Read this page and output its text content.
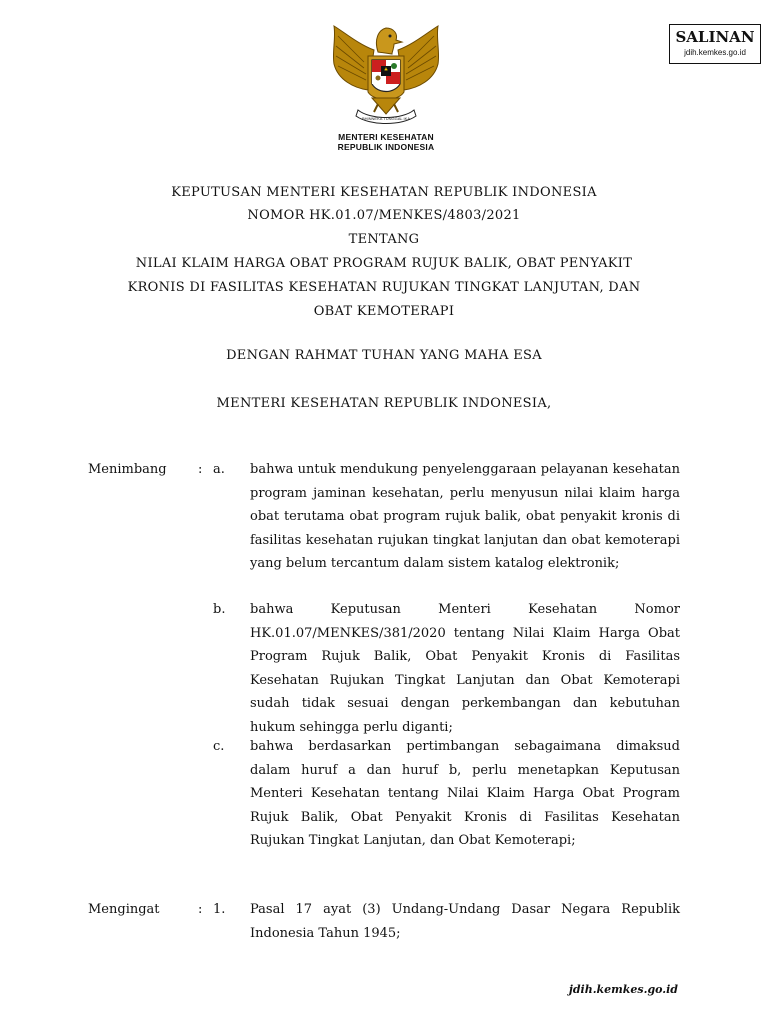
SALINAN
jdih.kemkes.go.id
BHINNEKA TUNGGAL IKA
MENTERI KESEHATAN
REPUBLIK INDONESIA
KEPUTUSAN MENTERI KESEHATAN REPUBLIK INDONESIA
NOMOR HK.01.07/MENKES/4803/2021
TENTANG
NILAI KLAIM HARGA OBAT PROGRAM RUJUK BALIK, OBAT PENYAKIT
KRONIS DI FASILITAS KESEHATAN RUJUKAN TINGKAT LANJUTAN, DAN
OBAT KEMOTERAPI
DENGAN RAHMAT TUHAN YANG MAHA ESA
MENTERI KESEHATAN REPUBLIK INDONESIA,
Menimbang : a. bahwa untuk mendukung penyelenggaraan pelayanan kesehatan program jaminan kesehatan, perlu menyusun nilai klaim harga obat terutama obat program rujuk balik, obat penyakit kronis di fasilitas kesehatan rujukan tingkat lanjutan dan obat kemoterapi yang belum tercantum dalam sistem katalog elektronik;
b. bahwa Keputusan Menteri Kesehatan Nomor HK.01.07/MENKES/381/2020 tentang Nilai Klaim Harga Obat Program Rujuk Balik, Obat Penyakit Kronis di Fasilitas Kesehatan Rujukan Tingkat Lanjutan dan Obat Kemoterapi sudah tidak sesuai dengan perkembangan dan kebutuhan hukum sehingga perlu diganti;
c. bahwa berdasarkan pertimbangan sebagaimana dimaksud dalam huruf a dan huruf b, perlu menetapkan Keputusan Menteri Kesehatan tentang Nilai Klaim Harga Obat Program Rujuk Balik, Obat Penyakit Kronis di Fasilitas Kesehatan Rujukan Tingkat Lanjutan, dan Obat Kemoterapi;
Mengingat	: 1. Pasal 17 ayat (3) Undang-Undang Dasar Negara Republik Indonesia Tahun 1945;
jdih.kemkes.go.id
